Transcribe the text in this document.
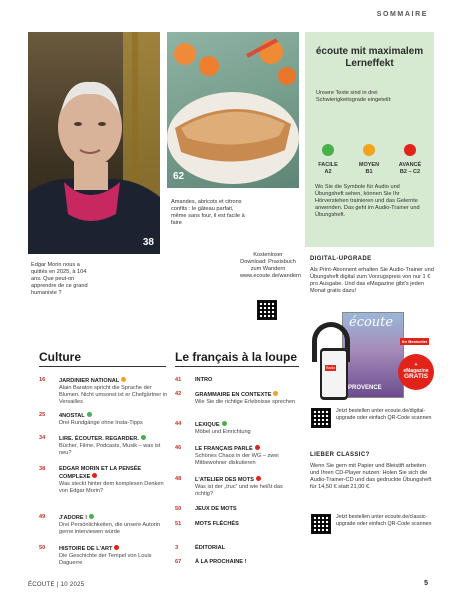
SOMMAIRE
38
Edgar Morin nous a quittés en 2025, à 104 ans. Que peut-on apprendre de ce grand humaniste ?
62
Amandes, abricots et citrons confits : le gâteau parfait, même sans four, il est facile à faire
Kostenloser Download: Praxisbuch zum Wandern www.ecoute.de/wandern
écoute mit maximalem Lerneffekt
Unsere Texte sind in drei Schwierigkeitsgrade eingeteilt:
FACILE
A2
MOYEN
B1
AVANCÉ
B2 – C2
Wo Sie die Symbole für Audio und Übungsheft sehen, können Sie Ihr Hörverstehen trainieren und das Gelernte anwenden. Das geht im Audio-Trainer und Übungsheft.
DIGITAL-UPGRADE
Als Print-Abonnent erhalten Sie Audio-Trainer und Übungsheft digital zum Vorzugspreis von nur 1 € pro Ausgabe. Und das eMagazine gibt's jeden Monat gratis dazu!
écoute
PROVENCE
Radio
Ihr Bestseller
+
eMagazine
GRATIS
Jetzt bestellen unter ecoute.de/digital-upgrade oder einfach QR-Code scannen
LIEBER CLASSIC?
Wenn Sie gern mit Papier und Bleistift arbeiten und Ihren CD-Player nutzen: Holen Sie sich die Audio-Trainer-CD und das gedruckte Übungsheft für 14,50 € statt 21,00 €.
Jetzt bestellen unter ecoute.de/classic-upgrade oder einfach QR-Code scannen
Culture
16 JARDINIER NATIONAL
Alain Baraton spricht die Sprache der Blumen. Nicht umsonst ist er Chefgärtner in Versailles
25 4NOSTAL
Drei Rundgänge ohne Insta-Tipps
34 LIRE. ÉCOUTER. REGARDER.
Bücher, Filme, Podcasts, Musik – was ist neu?
38 EDGAR MORIN ET LA PENSÉE COMPLEXE
Was steckt hinter dem komplexen Denken von Edgar Morin?
49 J'ADORE !
Drei Persönlichkeiten, die unsere Autorin gerne interviewen würde
50 HISTOIRE DE L'ART
Die Geschichte der Tempel von Louis Daguerre
Le français à la loupe
41 INTRO
42 GRAMMAIRE EN CONTEXTE
Wie Sie die richtige Erlebnisse sprechen
44 LEXIQUE
Möbel und Einrichtung
46 LE FRANÇAIS PARLÉ
Schönes Chaos in der WG – zwei Mitbewohner diskutieren
48 L'ATELIER DES MOTS
Was ist der „truc“ und wie heißt das richtig?
50 JEUX DE MOTS
51 MOTS FLÉCHÉS
3	ÉDITORIAL
67 À LA PROCHAINE !
ÉCOUTE | 10 2025	5
